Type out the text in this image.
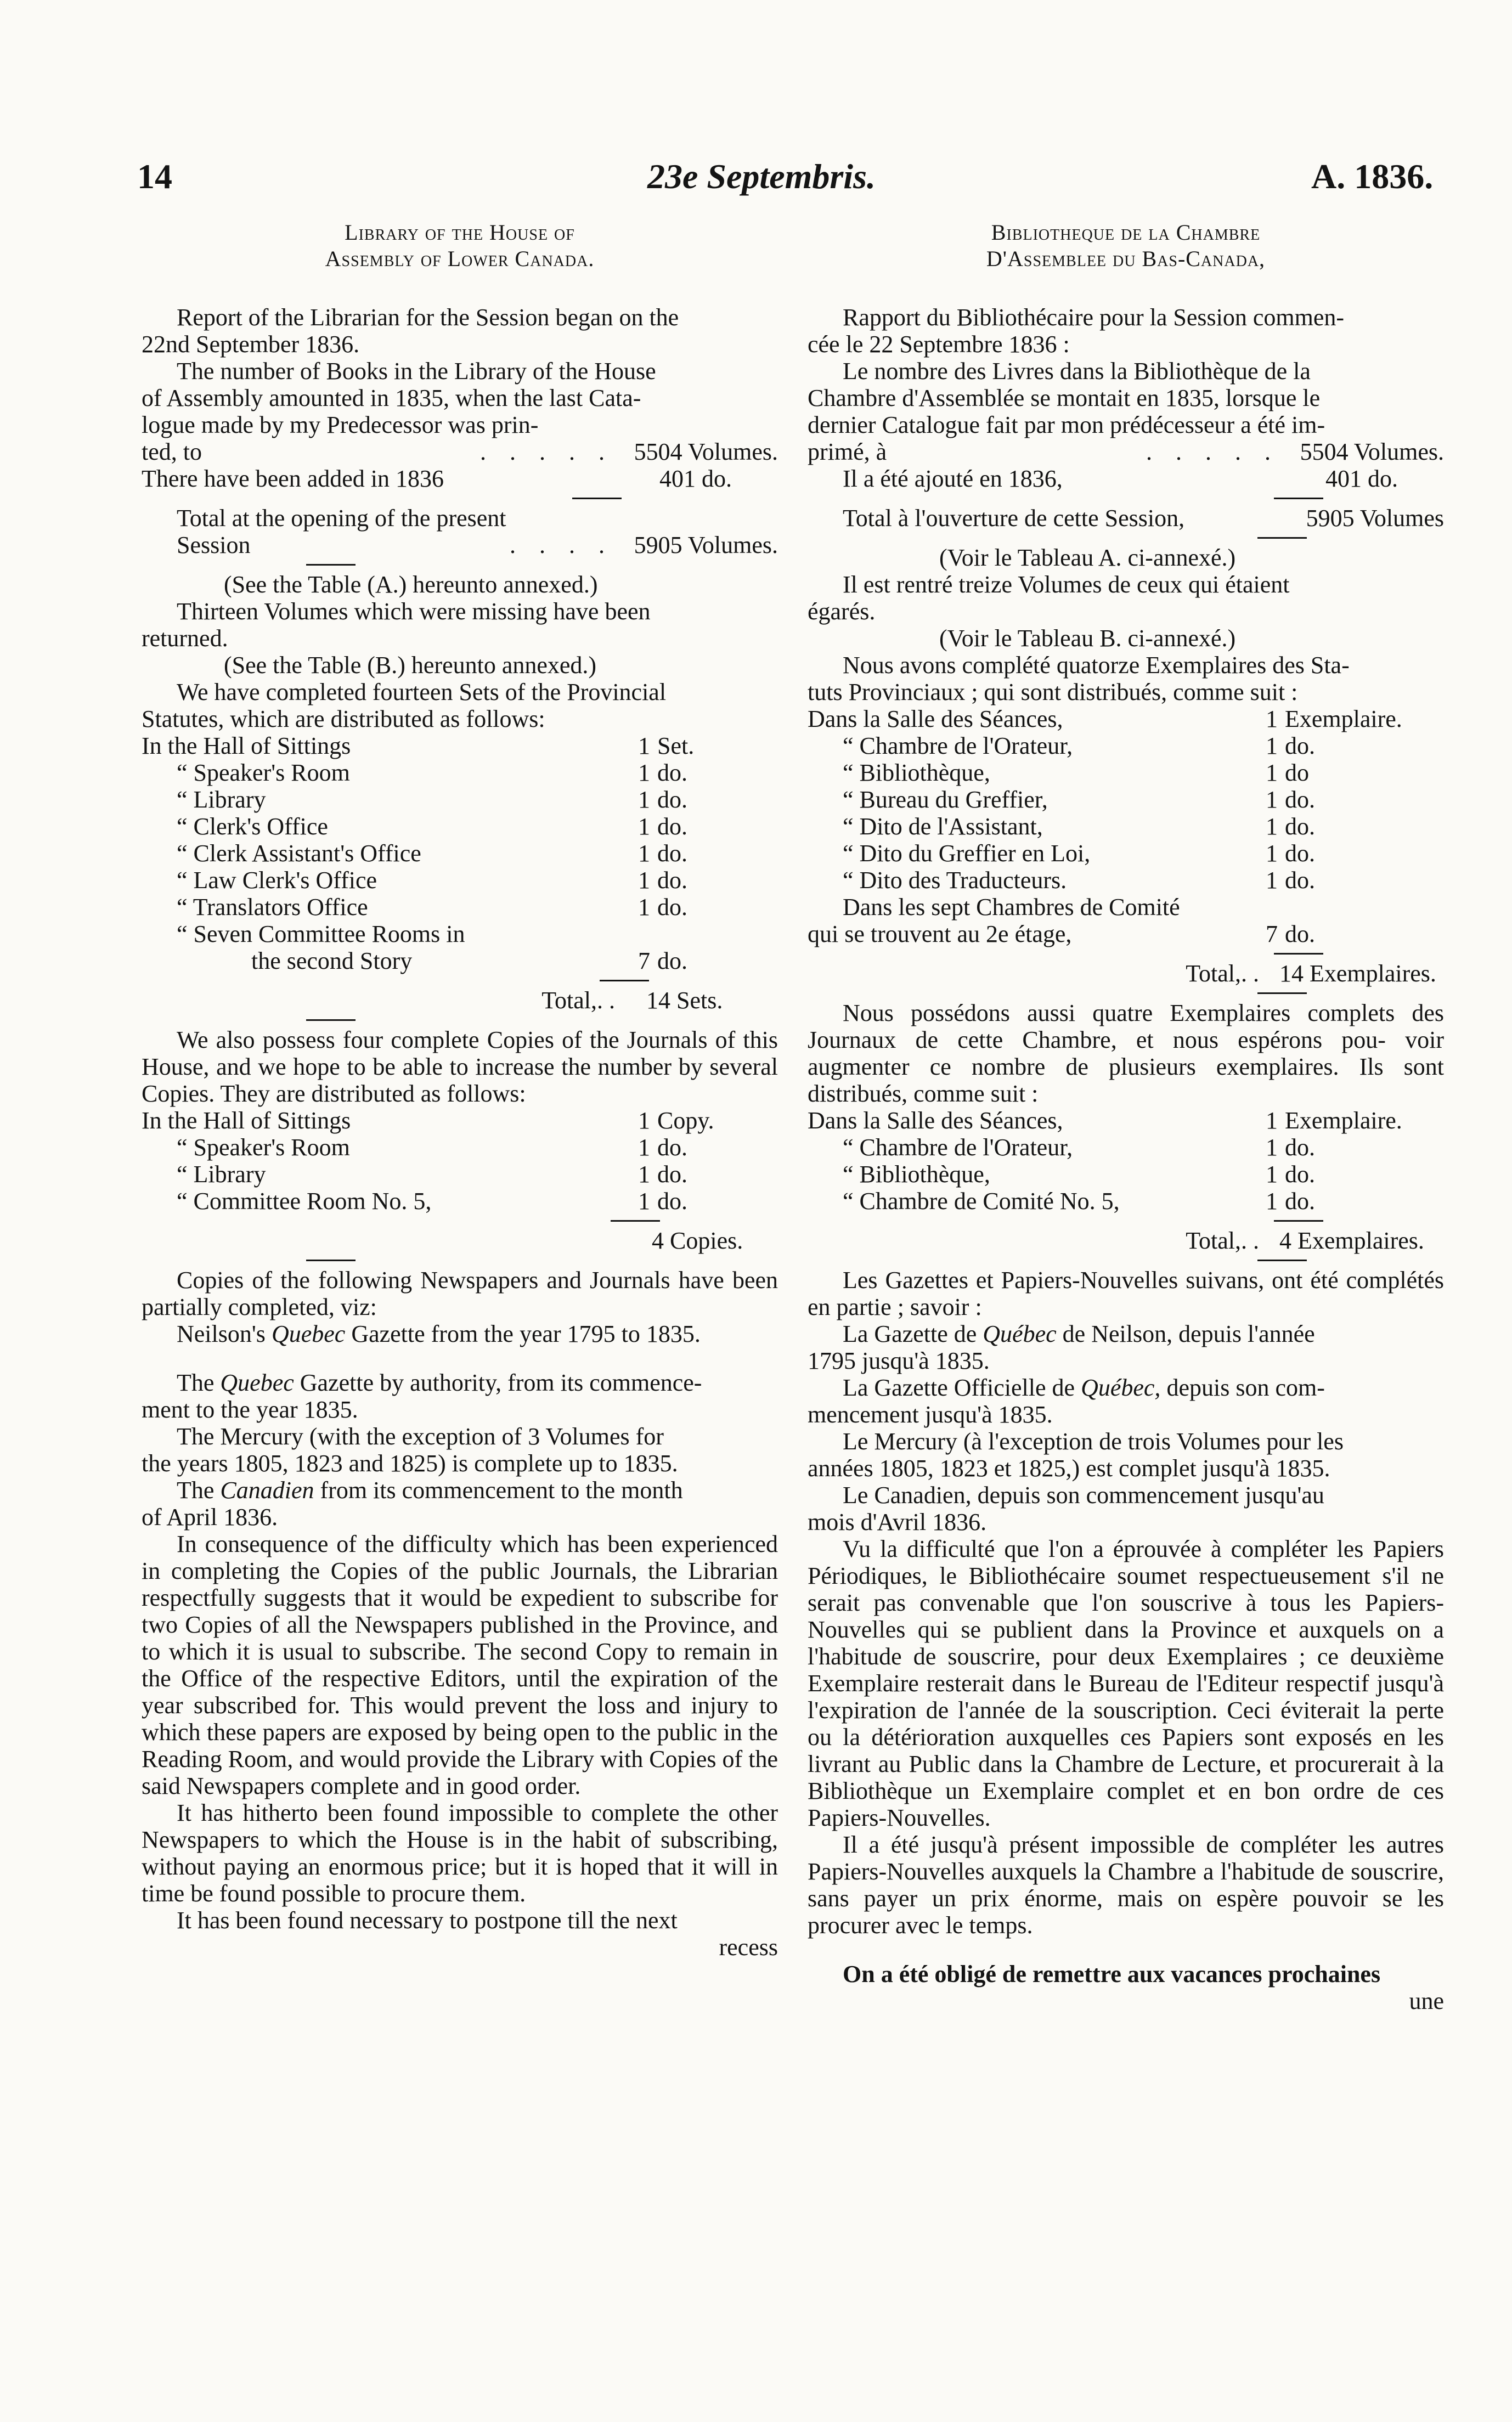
14	23e Septembris.	A. 1836.
Library of the House of
Assembly of Lower Canada.
Report of the Librarian for the Session began on the
22nd September 1836.
The number of Books in the Library of the House
of Assembly amounted in 1835, when the last Cata-
logue made by my Predecessor was prin-
ted, to	. . . . . 5504 Volumes.
There have been added in 1836	401 do.
Total at the opening of the present
Session	. . . . 5905 Volumes.
(See the Table (A.) hereunto annexed.)
Thirteen Volumes which were missing have been
returned.
(See the Table (B.) hereunto annexed.)
We have completed fourteen Sets of the Provincial
Statutes, which are distributed as follows:
In the Hall of Sittings	1 Set.
“ Speaker's Room	1 do.
“ Library	1 do.
“ Clerk's Office	1 do.
“ Clerk Assistant's Office	1 do.
“ Law Clerk's Office	1 do.
“ Translators Office	1 do.
“ Seven Committee Rooms in
the second Story	7 do.
Total, . .	14 Sets.

We also possess four complete Copies of the Journals of this House, and we hope to be able to increase the number by several Copies. They are distributed as follows:

In the Hall of Sittings	1 Copy.
“ Speaker's Room	1 do.
“ Library	1 do.
“ Committee Room No. 5,	1 do.
4 Copies.

Copies of the following Newspapers and Journals have been partially completed, viz:

Neilson's Quebec Gazette from the year 1795 to 1835.
The Quebec Gazette by authority, from its commence-
ment to the year 1835.
The Mercury (with the exception of 3 Volumes for
the years 1805, 1823 and 1825) is complete up to 1835.
The Canadien from its commencement to the month
of April 1836.

In consequence of the difficulty which has been experienced in completing the Copies of the public Journals, the Librarian respectfully suggests that it would be expedient to subscribe for two Copies of all the Newspapers published in the Province, and to which it is usual to subscribe. The second Copy to remain in the Office of the respective Editors, until the expiration of the year subscribed for. This would prevent the loss and injury to which these papers are exposed by being open to the public in the Reading Room, and would provide the Library with Copies of the said Newspapers complete and in good order.

It has hitherto been found impossible to complete the other Newspapers to which the House is in the habit of subscribing, without paying an enormous price; but it is hoped that it will in time be found possible to procure them.

It has been found necessary to postpone till the next
recess
Bibliotheque de la Chambre
D'Assemblee du Bas-Canada,
Rapport du Bibliothécaire pour la Session commen-
cée le 22 Septembre 1836 :
Le nombre des Livres dans la Bibliothèque de la
Chambre d'Assemblée se montait en 1835, lorsque le
dernier Catalogue fait par mon prédécesseur a été im-
primé, à	. . . . . 5504 Volumes.
Il a été ajouté en 1836,	401 do.
Total à l'ouverture de cette Session,	5905 Volumes
(Voir le Tableau A. ci-annexé.)
Il est rentré treize Volumes de ceux qui étaient
égarés.
(Voir le Tableau B. ci-annexé.)
Nous avons complété quatorze Exemplaires des Sta-
tuts Provinciaux ; qui sont distribués, comme suit :
Dans la Salle des Séances,	1 Exemplaire.
“ Chambre de l'Orateur,	1 do.
“ Bibliothèque,	1 do
“ Bureau du Greffier,	1 do.
“ Dito de l'Assistant,	1 do.
“ Dito du Greffier en Loi,	1 do.
“ Dito des Traducteurs.	1 do.
Dans les sept Chambres de Comité
qui se trouvent au 2e étage,	7 do.
Total, . . 14 Exemplaires.

Nous possédons aussi quatre Exemplaires complets des Journaux de cette Chambre, et nous espérons pou- voir augmenter ce nombre de plusieurs exemplaires. Ils sont distribués, comme suit :

Dans la Salle des Séances,	1 Exemplaire.
“ Chambre de l'Orateur,	1 do.
“ Bibliothèque,	1 do.
“ Chambre de Comité No. 5,	1 do.
Total, . . 4 Exemplaires.

Les Gazettes et Papiers-Nouvelles suivans, ont été complétés en partie ; savoir :

La Gazette de Québec de Neilson, depuis l'année
1795 jusqu'à 1835.
La Gazette Officielle de Québec, depuis son com-
mencement jusqu'à 1835.
Le Mercury (à l'exception de trois Volumes pour les
années 1805, 1823 et 1825,) est complet jusqu'à 1835.
Le Canadien, depuis son commencement jusqu'au
mois d'Avril 1836.

Vu la difficulté que l'on a éprouvée à compléter les Papiers Périodiques, le Bibliothécaire soumet respectueusement s'il ne serait pas convenable que l'on souscrive à tous les Papiers-Nouvelles qui se publient dans la Province et auxquels on a l'habitude de souscrire, pour deux Exemplaires ; ce deuxième Exemplaire resterait dans le Bureau de l'Editeur respectif jusqu'à l'expiration de l'année de la souscription. Ceci éviterait la perte ou la détérioration auxquelles ces Papiers sont exposés en les livrant au Public dans la Chambre de Lecture, et procurerait à la Bibliothèque un Exemplaire complet et en bon ordre de ces Papiers-Nouvelles.

Il a été jusqu'à présent impossible de compléter les autres Papiers-Nouvelles auxquels la Chambre a l'habitude de souscrire, sans payer un prix énorme, mais on espère pouvoir se les procurer avec le temps.

On a été obligé de remettre aux vacances prochaines
une
